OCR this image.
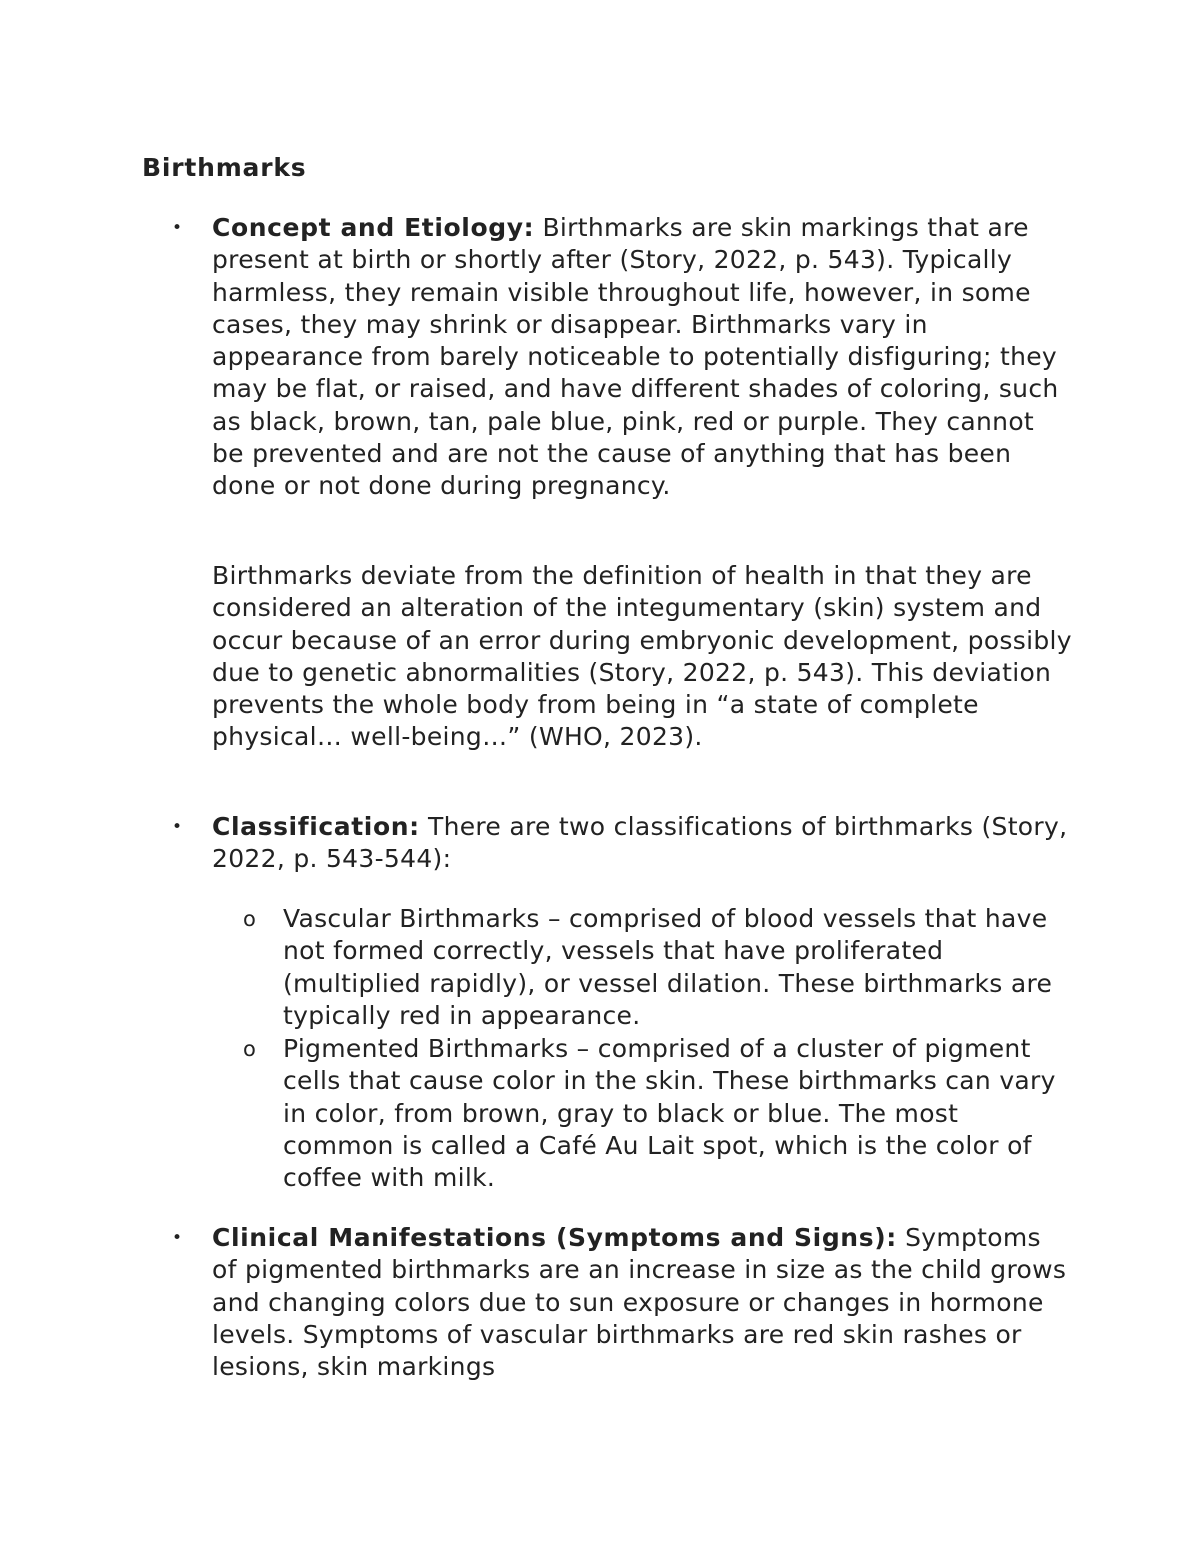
Birthmarks
• Concept and Etiology: Birthmarks are skin markings that are present at birth or shortly after (Story, 2022, p. 543). Typically harmless, they remain visible throughout life, however, in some cases, they may shrink or disappear. Birthmarks vary in appearance from barely noticeable to potentially disfiguring; they may be flat, or raised, and have different shades of coloring, such as black, brown, tan, pale blue, pink, red or purple. They cannot be prevented and are not the cause of anything that has been done or not done during pregnancy.
Birthmarks deviate from the definition of health in that they are considered an alteration of the integumentary (skin) system and occur because of an error during embryonic development, possibly due to genetic abnormalities (Story, 2022, p. 543). This deviation prevents the whole body from being in “a state of complete physical… well-being…” (WHO, 2023).
• Classification: There are two classifications of birthmarks (Story, 2022, p. 543-544):
o Vascular Birthmarks – comprised of blood vessels that have not formed correctly, vessels that have proliferated (multiplied rapidly), or vessel dilation. These birthmarks are typically red in appearance.
o Pigmented Birthmarks – comprised of a cluster of pigment cells that cause color in the skin. These birthmarks can vary in color, from brown, gray to black or blue. The most common is called a Café Au Lait spot, which is the color of coffee with milk.
• Clinical Manifestations (Symptoms and Signs): Symptoms of pigmented birthmarks are an increase in size as the child grows and changing colors due to sun exposure or changes in hormone levels. Symptoms of vascular birthmarks are red skin rashes or lesions, skin markings
